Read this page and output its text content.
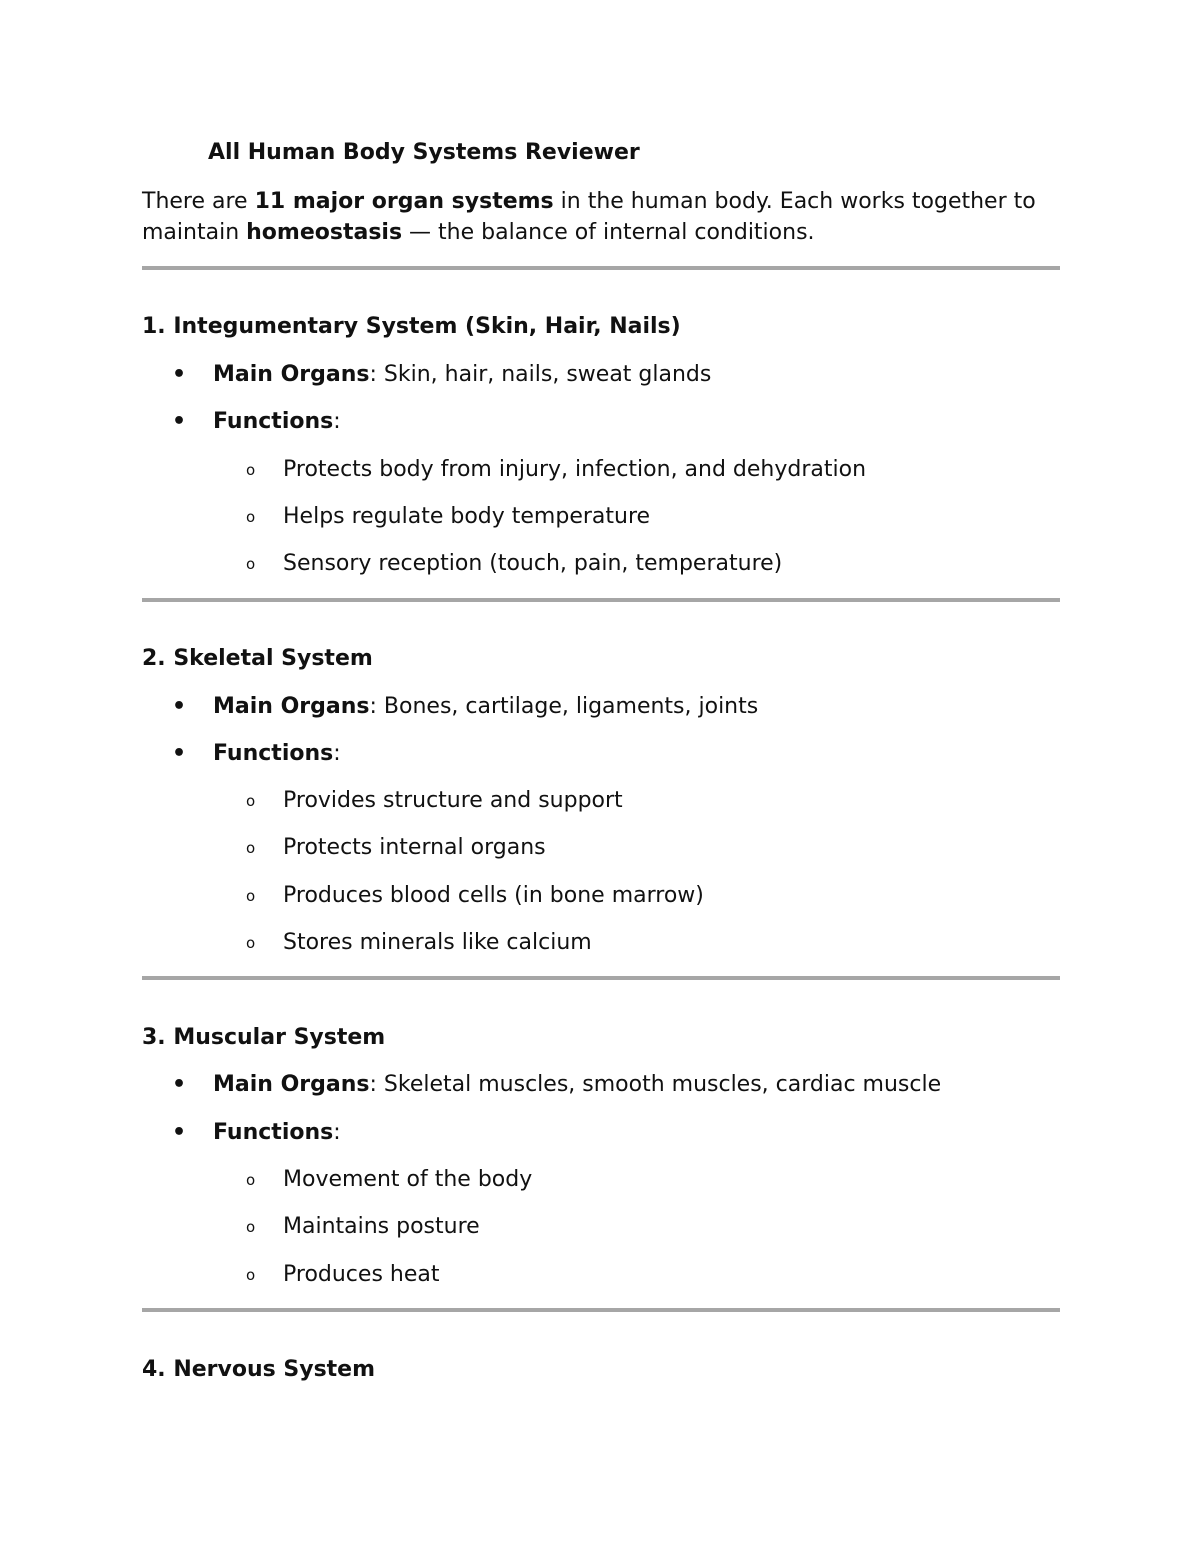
All Human Body Systems Reviewer
There are 11 major organ systems in the human body. Each works together to maintain homeostasis — the balance of internal conditions.
1. Integumentary System (Skin, Hair, Nails)
• Main Organs: Skin, hair, nails, sweat glands
• Functions:
o Protects body from injury, infection, and dehydration
o Helps regulate body temperature
o Sensory reception (touch, pain, temperature)
2. Skeletal System
• Main Organs: Bones, cartilage, ligaments, joints
• Functions:
o Provides structure and support
o Protects internal organs
o Produces blood cells (in bone marrow)
o Stores minerals like calcium
3. Muscular System
• Main Organs: Skeletal muscles, smooth muscles, cardiac muscle
• Functions:
o Movement of the body
o Maintains posture
o Produces heat
4. Nervous System
